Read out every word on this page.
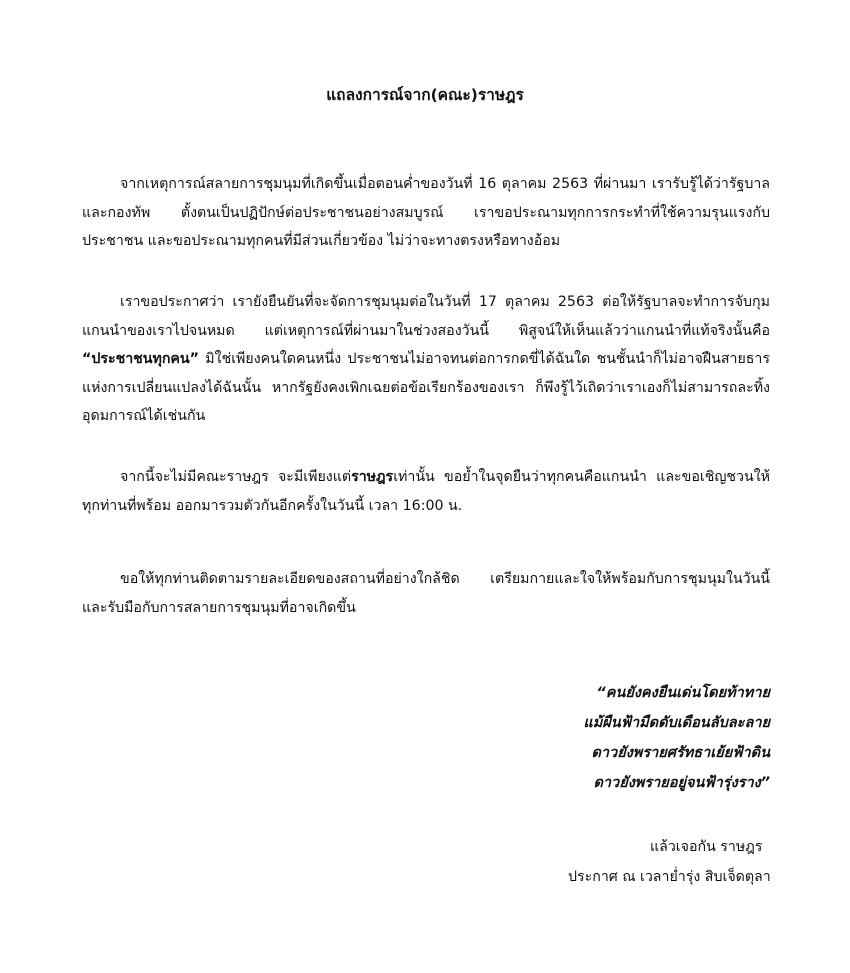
แถลงการณ์จาก(คณะ)ราษฎร

จากเหตุการณ์สลายการชุมนุมที่เกิดขึ้นเมื่อตอนค่ำของวันที่ 16 ตุลาคม 2563 ที่ผ่านมา เรารับรู้ได้ว่ารัฐบาลและกองทัพ ตั้งตนเป็นปฏิปักษ์ต่อประชาชนอย่างสมบูรณ์ เราขอประณามทุกการกระทำที่ใช้ความรุนแรงกับประชาชน และขอประณามทุกคนที่มีส่วนเกี่ยวข้อง ไม่ว่าจะทางตรงหรือทางอ้อม

เราขอประกาศว่า เรายังยืนยันที่จะจัดการชุมนุมต่อในวันที่ 17 ตุลาคม 2563 ต่อให้รัฐบาลจะทำการจับกุมแกนนำของเราไปจนหมด แต่เหตุการณ์ที่ผ่านมาในช่วงสองวันนี้ พิสูจน์ให้เห็นแล้วว่าแกนนำที่แท้จริงนั้นคือ “ประชาชนทุกคน” มิใช่เพียงคนใดคนหนึ่ง ประชาชนไม่อาจทนต่อการกดขี่ได้ฉันใด ชนชั้นนำก็ไม่อาจฝืนสายธารแห่งการเปลี่ยนแปลงได้ฉันนั้น หากรัฐยังคงเพิกเฉยต่อข้อเรียกร้องของเรา ก็พึงรู้ไว้เถิดว่าเราเองก็ไม่สามารถละทิ้งอุดมการณ์ได้เช่นกัน

จากนี้จะไม่มีคณะราษฎร จะมีเพียงแต่ราษฎรเท่านั้น ขอย้ำในจุดยืนว่าทุกคนคือแกนนำ และขอเชิญชวนให้ทุกท่านที่พร้อม ออกมารวมตัวกันอีกครั้งในวันนี้ เวลา 16:00 น.

ขอให้ทุกท่านติดตามรายละเอียดของสถานที่อย่างใกล้ชิด เตรียมกายและใจให้พร้อมกับการชุมนุมในวันนี้ และรับมือกับการสลายการชุมนุมที่อาจเกิดขึ้น

“คนยังคงยืนเด่นโดยท้าทาย
แม้ผืนฟ้ามืดดับเดือนลับละลาย
ดาวยังพรายศรัทธาเย้ยฟ้าดิน
ดาวยังพรายอยู่จนฟ้ารุ่งราง”
แล้วเจอกัน ราษฎร
ประกาศ ณ เวลาย่ำรุ่ง สิบเจ็ดตุลา
